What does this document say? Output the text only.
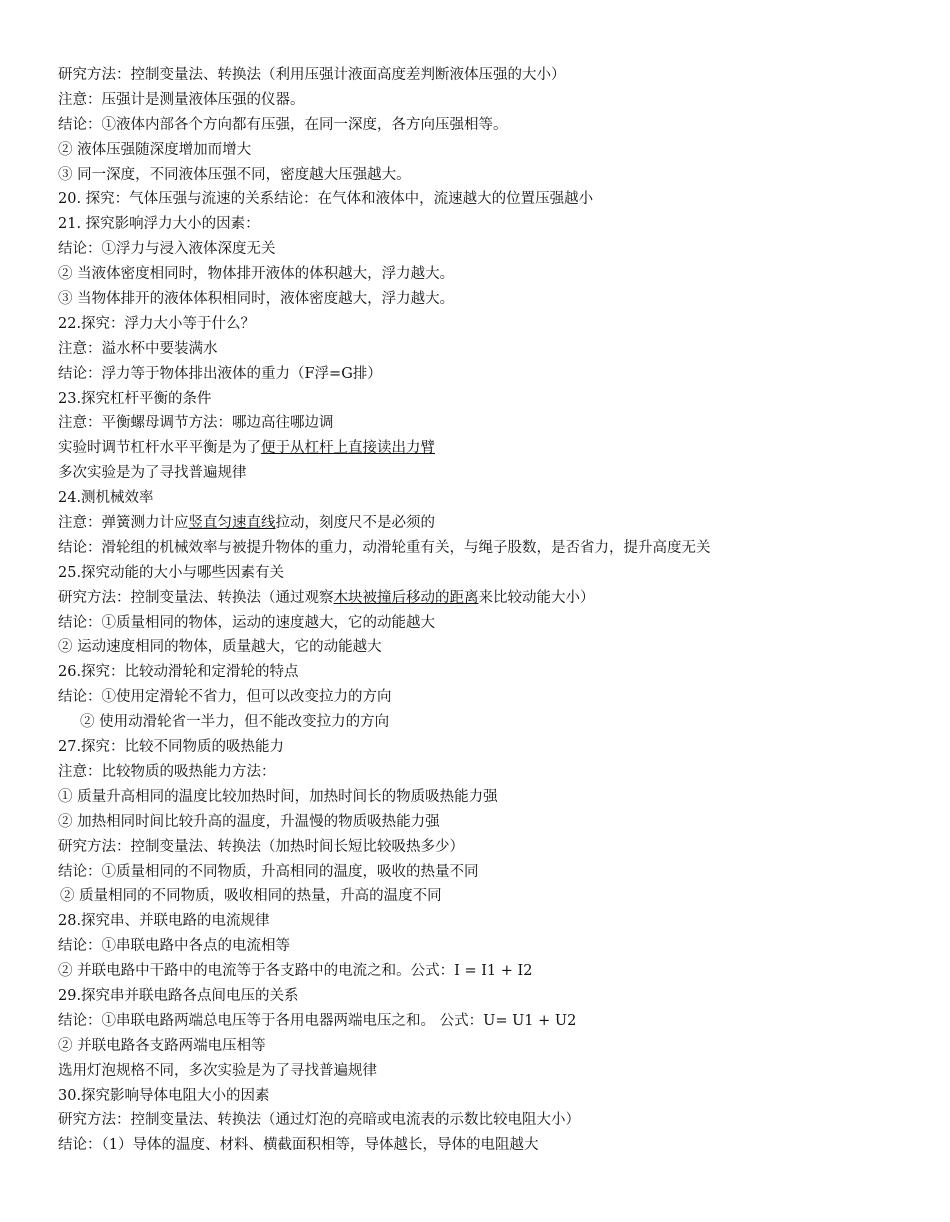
研究方法：控制变量法、转换法（利用压强计液面高度差判断液体压强的大小）
注意：压强计是测量液体压强的仪器。
结论：①液体内部各个方向都有压强，在同一深度，各方向压强相等。
② 液体压强随深度增加而增大
③ 同一深度，不同液体压强不同，密度越大压强越大。
20. 探究：气体压强与流速的关系结论：在气体和液体中，流速越大的位置压强越小
21. 探究影响浮力大小的因素：
结论：①浮力与浸入液体深度无关
② 当液体密度相同时，物体排开液体的体积越大，浮力越大。
③ 当物体排开的液体体积相同时，液体密度越大，浮力越大。
22.探究：浮力大小等于什么？
注意：溢水杯中要装满水
结论：浮力等于物体排出液体的重力（F浮=G排）
23.探究杠杆平衡的条件
注意：平衡螺母调节方法：哪边高往哪边调
实验时调节杠杆水平平衡是为了便于从杠杆上直接读出力臂
多次实验是为了寻找普遍规律
24.测机械效率
注意：弹簧测力计应竖直匀速直线拉动，刻度尺不是必须的
结论：滑轮组的机械效率与被提升物体的重力，动滑轮重有关，与绳子股数，是否省力，提升高度无关
25.探究动能的大小与哪些因素有关
研究方法：控制变量法、转换法（通过观察木块被撞后移动的距离来比较动能大小）
结论：①质量相同的物体，运动的速度越大，它的动能越大
② 运动速度相同的物体，质量越大，它的动能越大
26.探究：比较动滑轮和定滑轮的特点
结论：①使用定滑轮不省力，但可以改变拉力的方向
② 使用动滑轮省一半力，但不能改变拉力的方向
27.探究：比较不同物质的吸热能力
注意：比较物质的吸热能力方法：
① 质量升高相同的温度比较加热时间，加热时间长的物质吸热能力强
② 加热相同时间比较升高的温度，升温慢的物质吸热能力强
研究方法：控制变量法、转换法（加热时间长短比较吸热多少）
结论：①质量相同的不同物质，升高相同的温度，吸收的热量不同
② 质量相同的不同物质，吸收相同的热量，升高的温度不同
28.探究串、并联电路的电流规律
结论：①串联电路中各点的电流相等
② 并联电路中干路中的电流等于各支路中的电流之和。公式：I = I1 + I2
29.探究串并联电路各点间电压的关系
结论：①串联电路两端总电压等于各用电器两端电压之和。 公式：U= U1 + U2
② 并联电路各支路两端电压相等
选用灯泡规格不同，多次实验是为了寻找普遍规律
30.探究影响导体电阻大小的因素
研究方法：控制变量法、转换法（通过灯泡的亮暗或电流表的示数比较电阻大小）
结论：（1）导体的温度、材料、横截面积相等，导体越长，导体的电阻越大
